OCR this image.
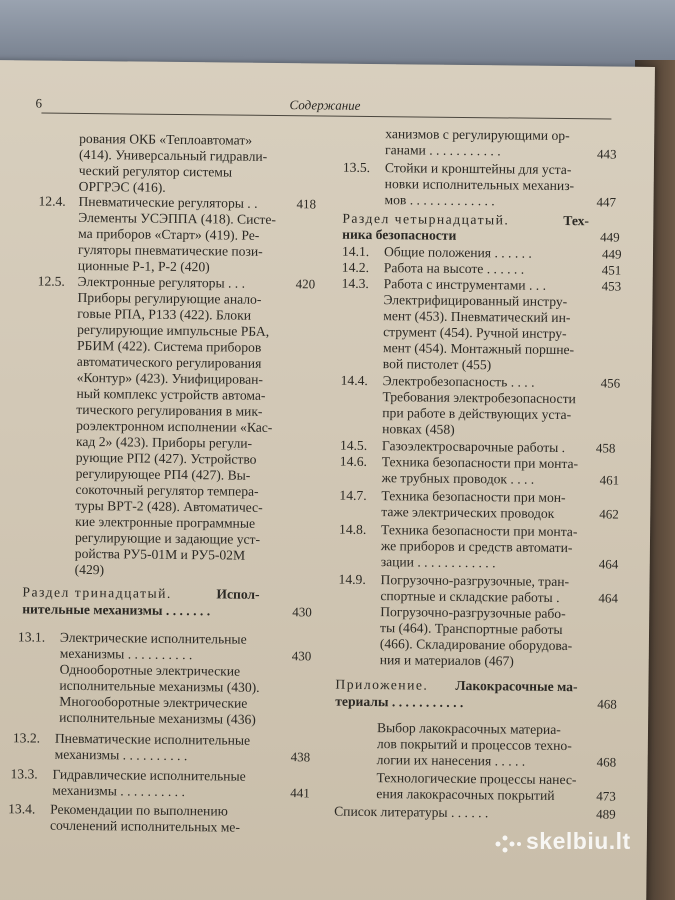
6	Содержание
рования ОКБ «Теплоавтомат»
(414). Универсальный гидравли-
ческий регулятор системы
ОРГРЭС (416).
12.4. Пневматические регуляторы . .	418
Элементы УСЭППА (418). Систе-
ма приборов «Старт» (419). Ре-
гуляторы пневматические пози-
ционные Р-1, Р-2 (420)
12.5. Электронные регуляторы . . .	420
Приборы регулирующие анало-
говые РПА, Р133 (422). Блоки
регулирующие импульсные РБА,
РБИМ (422). Система приборов
автоматического регулирования
«Контур» (423). Унифицирован-
ный комплекс устройств автома-
тического регулирования в мик-
роэлектронном исполнении «Кас-
кад 2» (423). Приборы регули-
рующие РП2 (427). Устройство
регулирующее РП4 (427). Вы-
сокоточный регулятор темпера-
туры ВРТ-2 (428). Автоматичес-
кие электронные программные
регулирующие и задающие уст-
ройства РУ5-01М и РУ5-02М
(429)
Раздел тринадцатый.	Испол-
нительные механизмы . . . . . . .	430
13.1. Электрические исполнительные
механизмы . . . . . . . . . .	430
Однооборотные электрические
исполнительные механизмы (430).
Многооборотные электрические
исполнительные механизмы (436)
13.2. Пневматические исполнительные
механизмы . . . . . . . . . .	438
13.3. Гидравлические исполнительные
механизмы . . . . . . . . . .	441
13.4. Рекомендации по выполнению
сочленений исполнительных ме-
ханизмов с регулирующими ор-
ганами . . . . . . . . . . .	443
13.5. Стойки и кронштейны для уста-
новки исполнительных механиз-
мов . . . . . . . . . . . . .	447
Раздел четырнадцатый.	Тех-
ника безопасности	449
14.1. Общие положения . . . . . .	449
14.2. Работа на высоте . . . . . .	451
14.3. Работа с инструментами . . .	453
Электрифицированный инстру-
мент (453). Пневматический ин-
струмент (454). Ручной инстру-
мент (454). Монтажный поршне-
вой пистолет (455)
14.4. Электробезопасность . . . .	456
Требования электробезопасности
при работе в действующих уста-
новках (458)
14.5. Газоэлектросварочные работы . 458
14.6. Техника безопасности при монта-
же трубных проводок . . . .	461
14.7. Техника безопасности при мон-
таже электрических проводок	462
14.8. Техника безопасности при монта-
же приборов и средств автомати-
зации . . . . . . . . . . . .	464
14.9. Погрузочно-разгрузочные, тран-
спортные и складские работы .	464
Погрузочно-разгрузочные рабо-
ты (464). Транспортные работы
(466). Складирование оборудова-
ния и материалов (467)
Приложение. Лакокрасочные ма-
териалы . . . . . . . . . . .	468
Выбор лакокрасочных материа-
лов покрытий и процессов техно-
логии их нанесения . . . . .	468
Технологические процессы нанес-
ения лакокрасочных покрытий	473
Список литературы . . . . . .	489
skelbiu.lt
